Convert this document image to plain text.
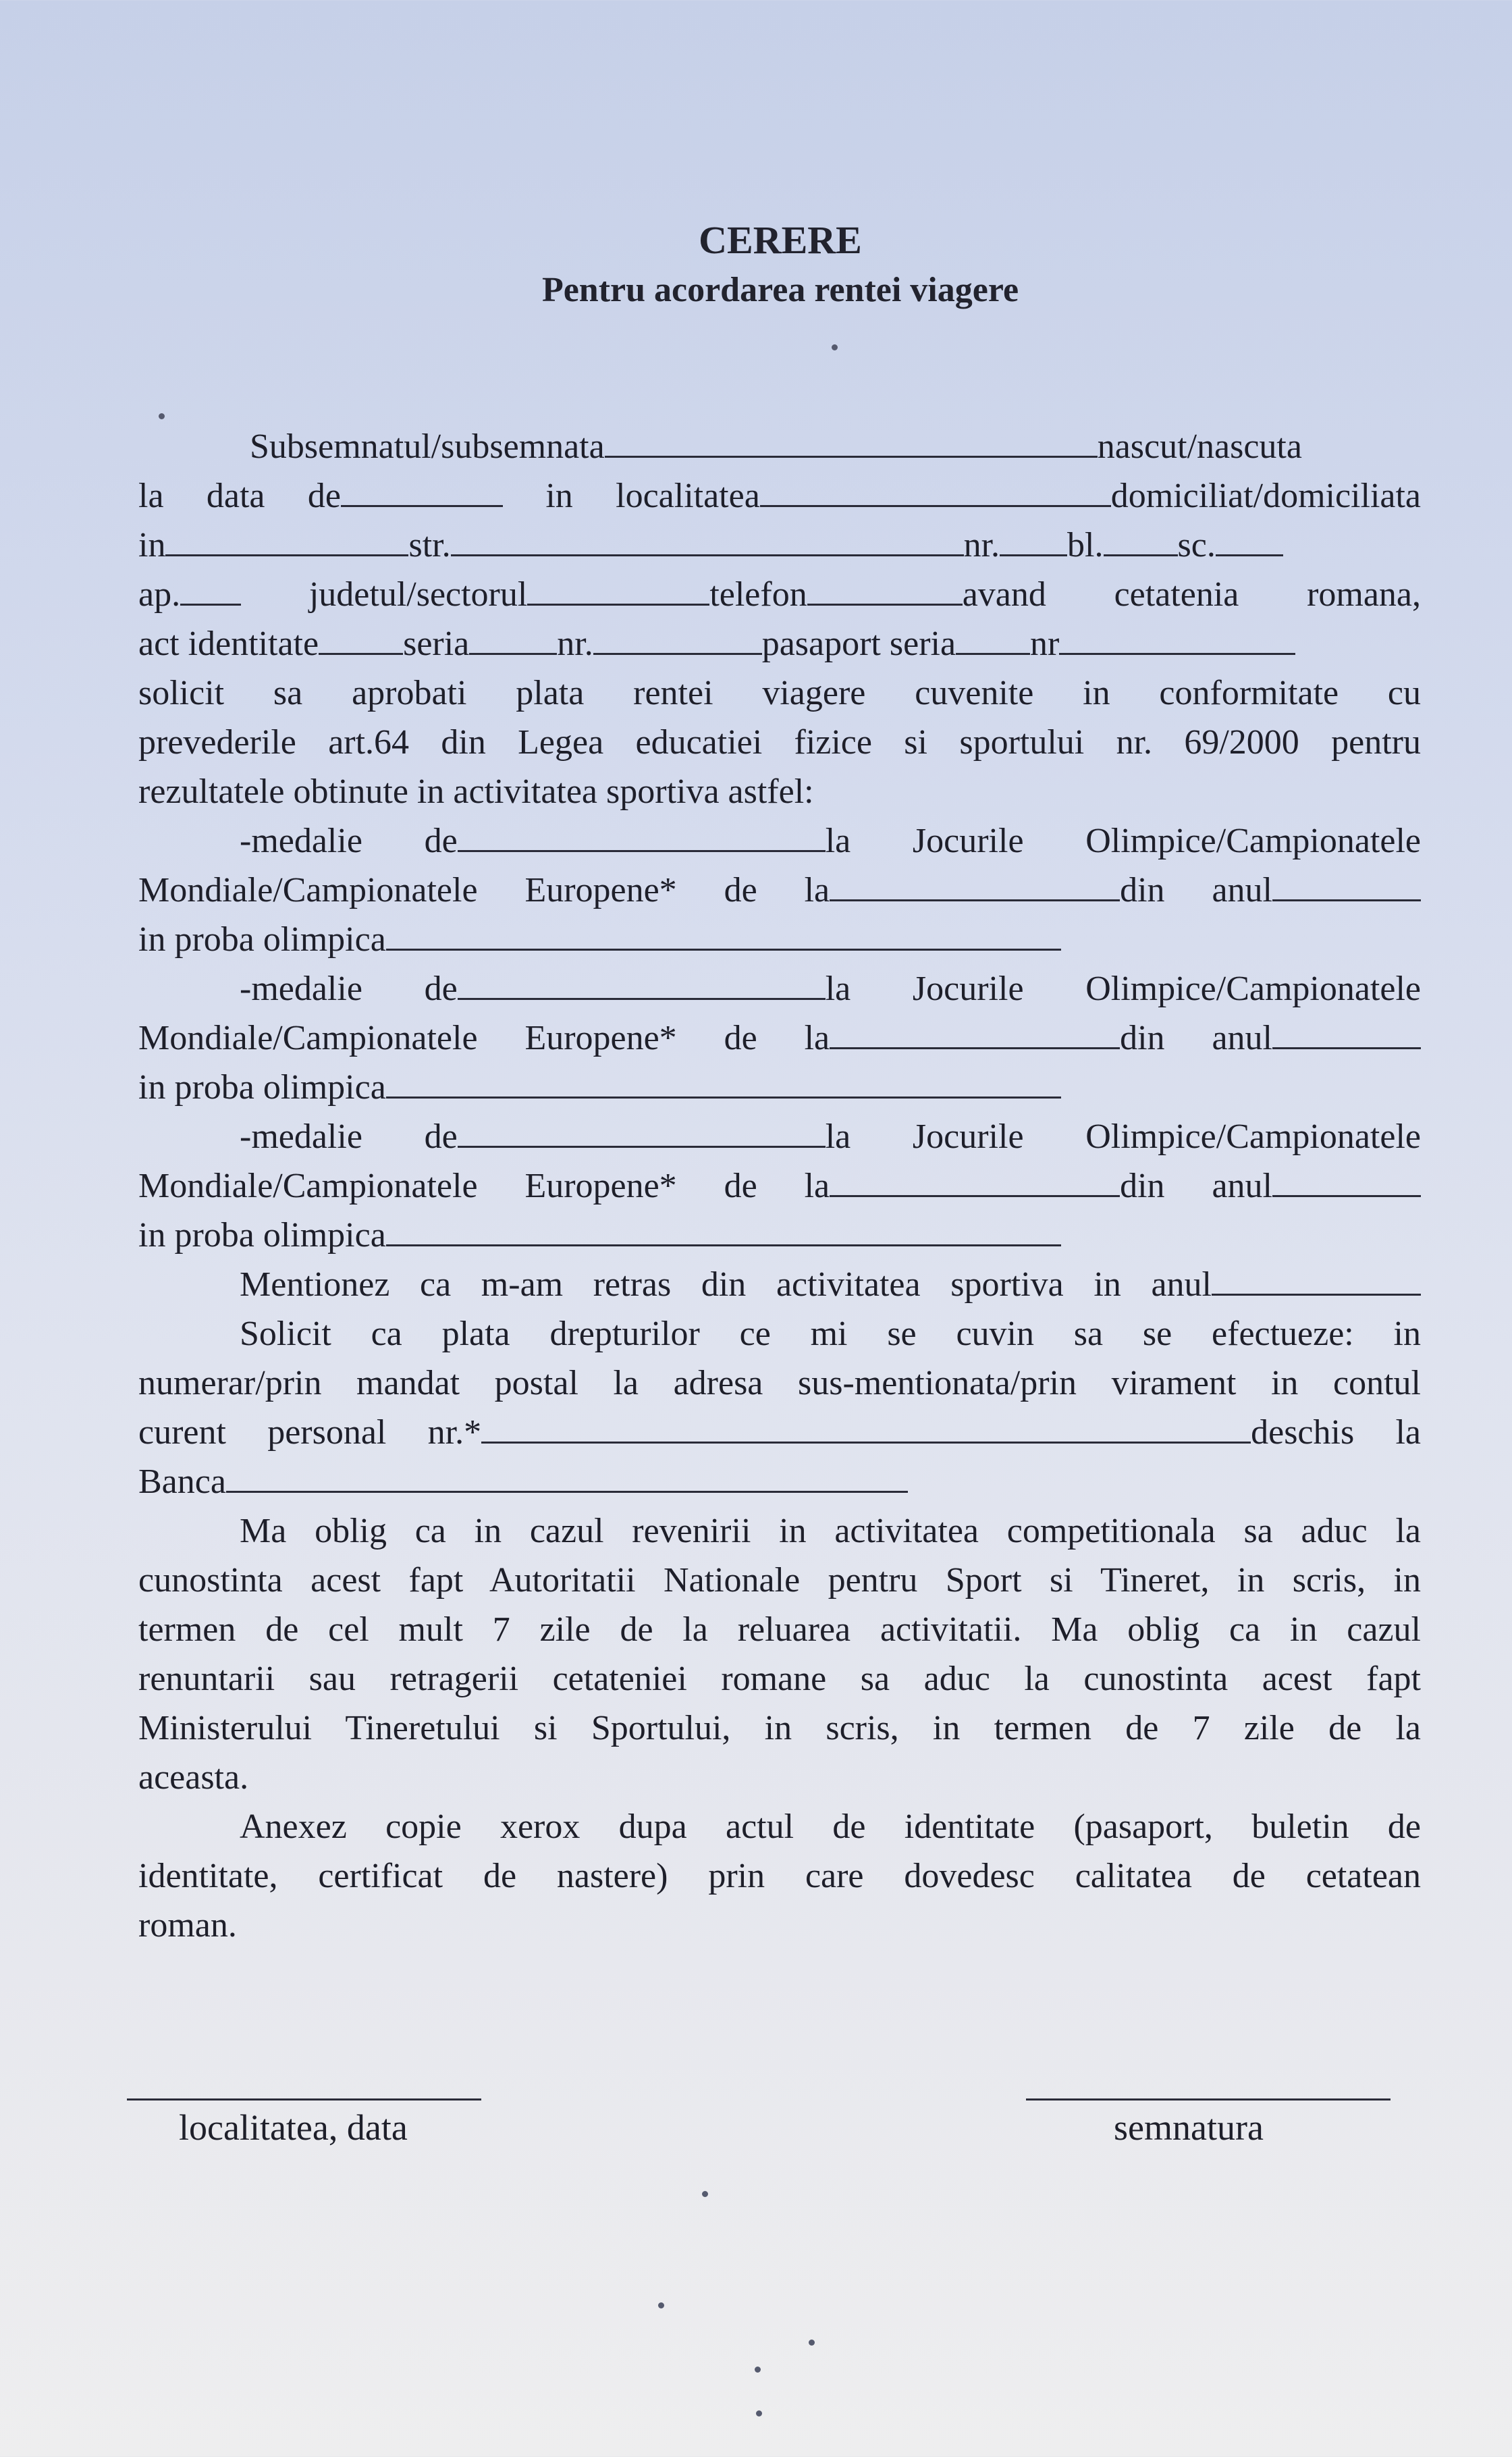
CERERE
Pentru acordarea rentei viagere
Subsemnatul/subsemnata	nascut/nascuta
la data de	in localitatea	domiciliat/domiciliata
in	str.	nr. bl. sc.
ap.	judetul/sectorul	telefon	avand cetatenia romana,
act identitate seria	nr.	pasaport seria nr
solicit sa aprobati plata rentei viagere cuvenite in conformitate cu
prevederile art.64 din Legea educatiei fizice si sportului nr. 69/2000 pentru
rezultatele obtinute in activitatea sportiva astfel:
-medalie de	la Jocurile Olimpice/Campionatele
Mondiale/Campionatele Europene* de la	din anul
in proba olimpica
-medalie de	la Jocurile Olimpice/Campionatele
Mondiale/Campionatele Europene* de la	din anul
in proba olimpica
-medalie de	la Jocurile Olimpice/Campionatele
Mondiale/Campionatele Europene* de la	din anul
in proba olimpica
Mentionez ca m-am retras din activitatea sportiva in anul
Solicit ca plata drepturilor ce mi se cuvin sa se efectueze: in
numerar/prin mandat postal la adresa sus-mentionata/prin virament in contul
curent personal nr.*	deschis la
Banca
Ma oblig ca in cazul revenirii in activitatea competitionala sa aduc la
cunostinta acest fapt Autoritatii Nationale pentru Sport si Tineret, in scris, in
termen de cel mult 7 zile de la reluarea activitatii. Ma oblig ca in cazul
renuntarii sau retragerii cetateniei romane sa aduc la cunostinta acest fapt
Ministerului Tineretului si Sportului, in scris, in termen de 7 zile de la
aceasta.
Anexez copie xerox dupa actul de identitate (pasaport, buletin de
identitate, certificat de nastere) prin care dovedesc calitatea de cetatean
roman.
localitatea, data	semnatura
